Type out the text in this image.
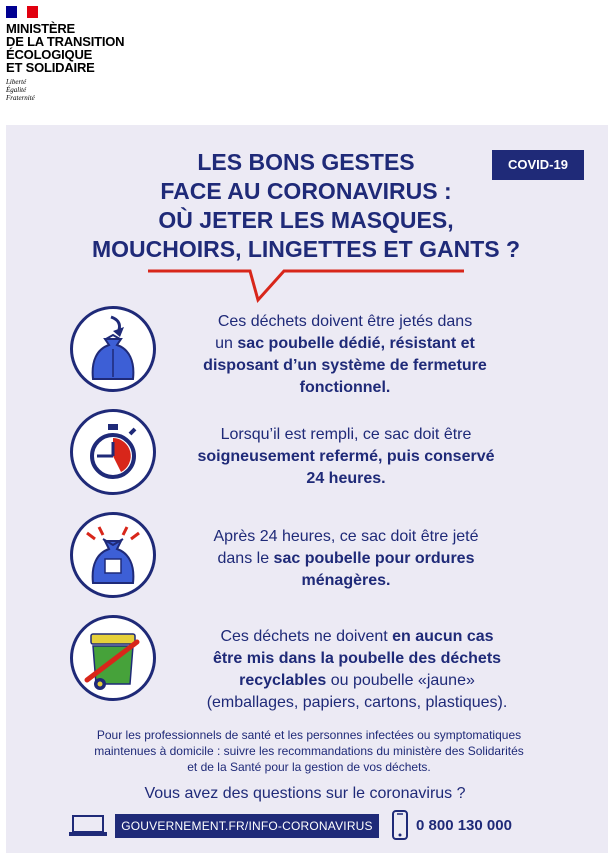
MINISTÈRE
DE LA TRANSITION
ÉCOLOGIQUE
ET SOLIDAIRE
Liberté
Égalité
Fraternité
LES BONS GESTES
FACE AU CORONAVIRUS :
OÙ JETER LES MASQUES,
MOUCHOIRS, LINGETTES ET GANTS ?
COVID-19
Ces déchets doivent être jetés dans
un sac poubelle dédié, résistant et
disposant d’un système de fermeture
fonctionnel.
Lorsqu’il est rempli, ce sac doit être
soigneusement refermé, puis conservé
24 heures.
Après 24 heures, ce sac doit être jeté
dans le sac poubelle pour ordures
ménagères.
Ces déchets ne doivent en aucun cas
être mis dans la poubelle des déchets
recyclables ou poubelle «jaune»
(emballages, papiers, cartons, plastiques).
Pour les professionnels de santé et les personnes infectées ou symptomatiques
maintenues à domicile : suivre les recommandations du ministère des Solidarités
et de la Santé pour la gestion de vos déchets.
Vous avez des questions sur le coronavirus ?
GOUVERNEMENT.FR/INFO-CORONAVIRUS	0 800 130 000
